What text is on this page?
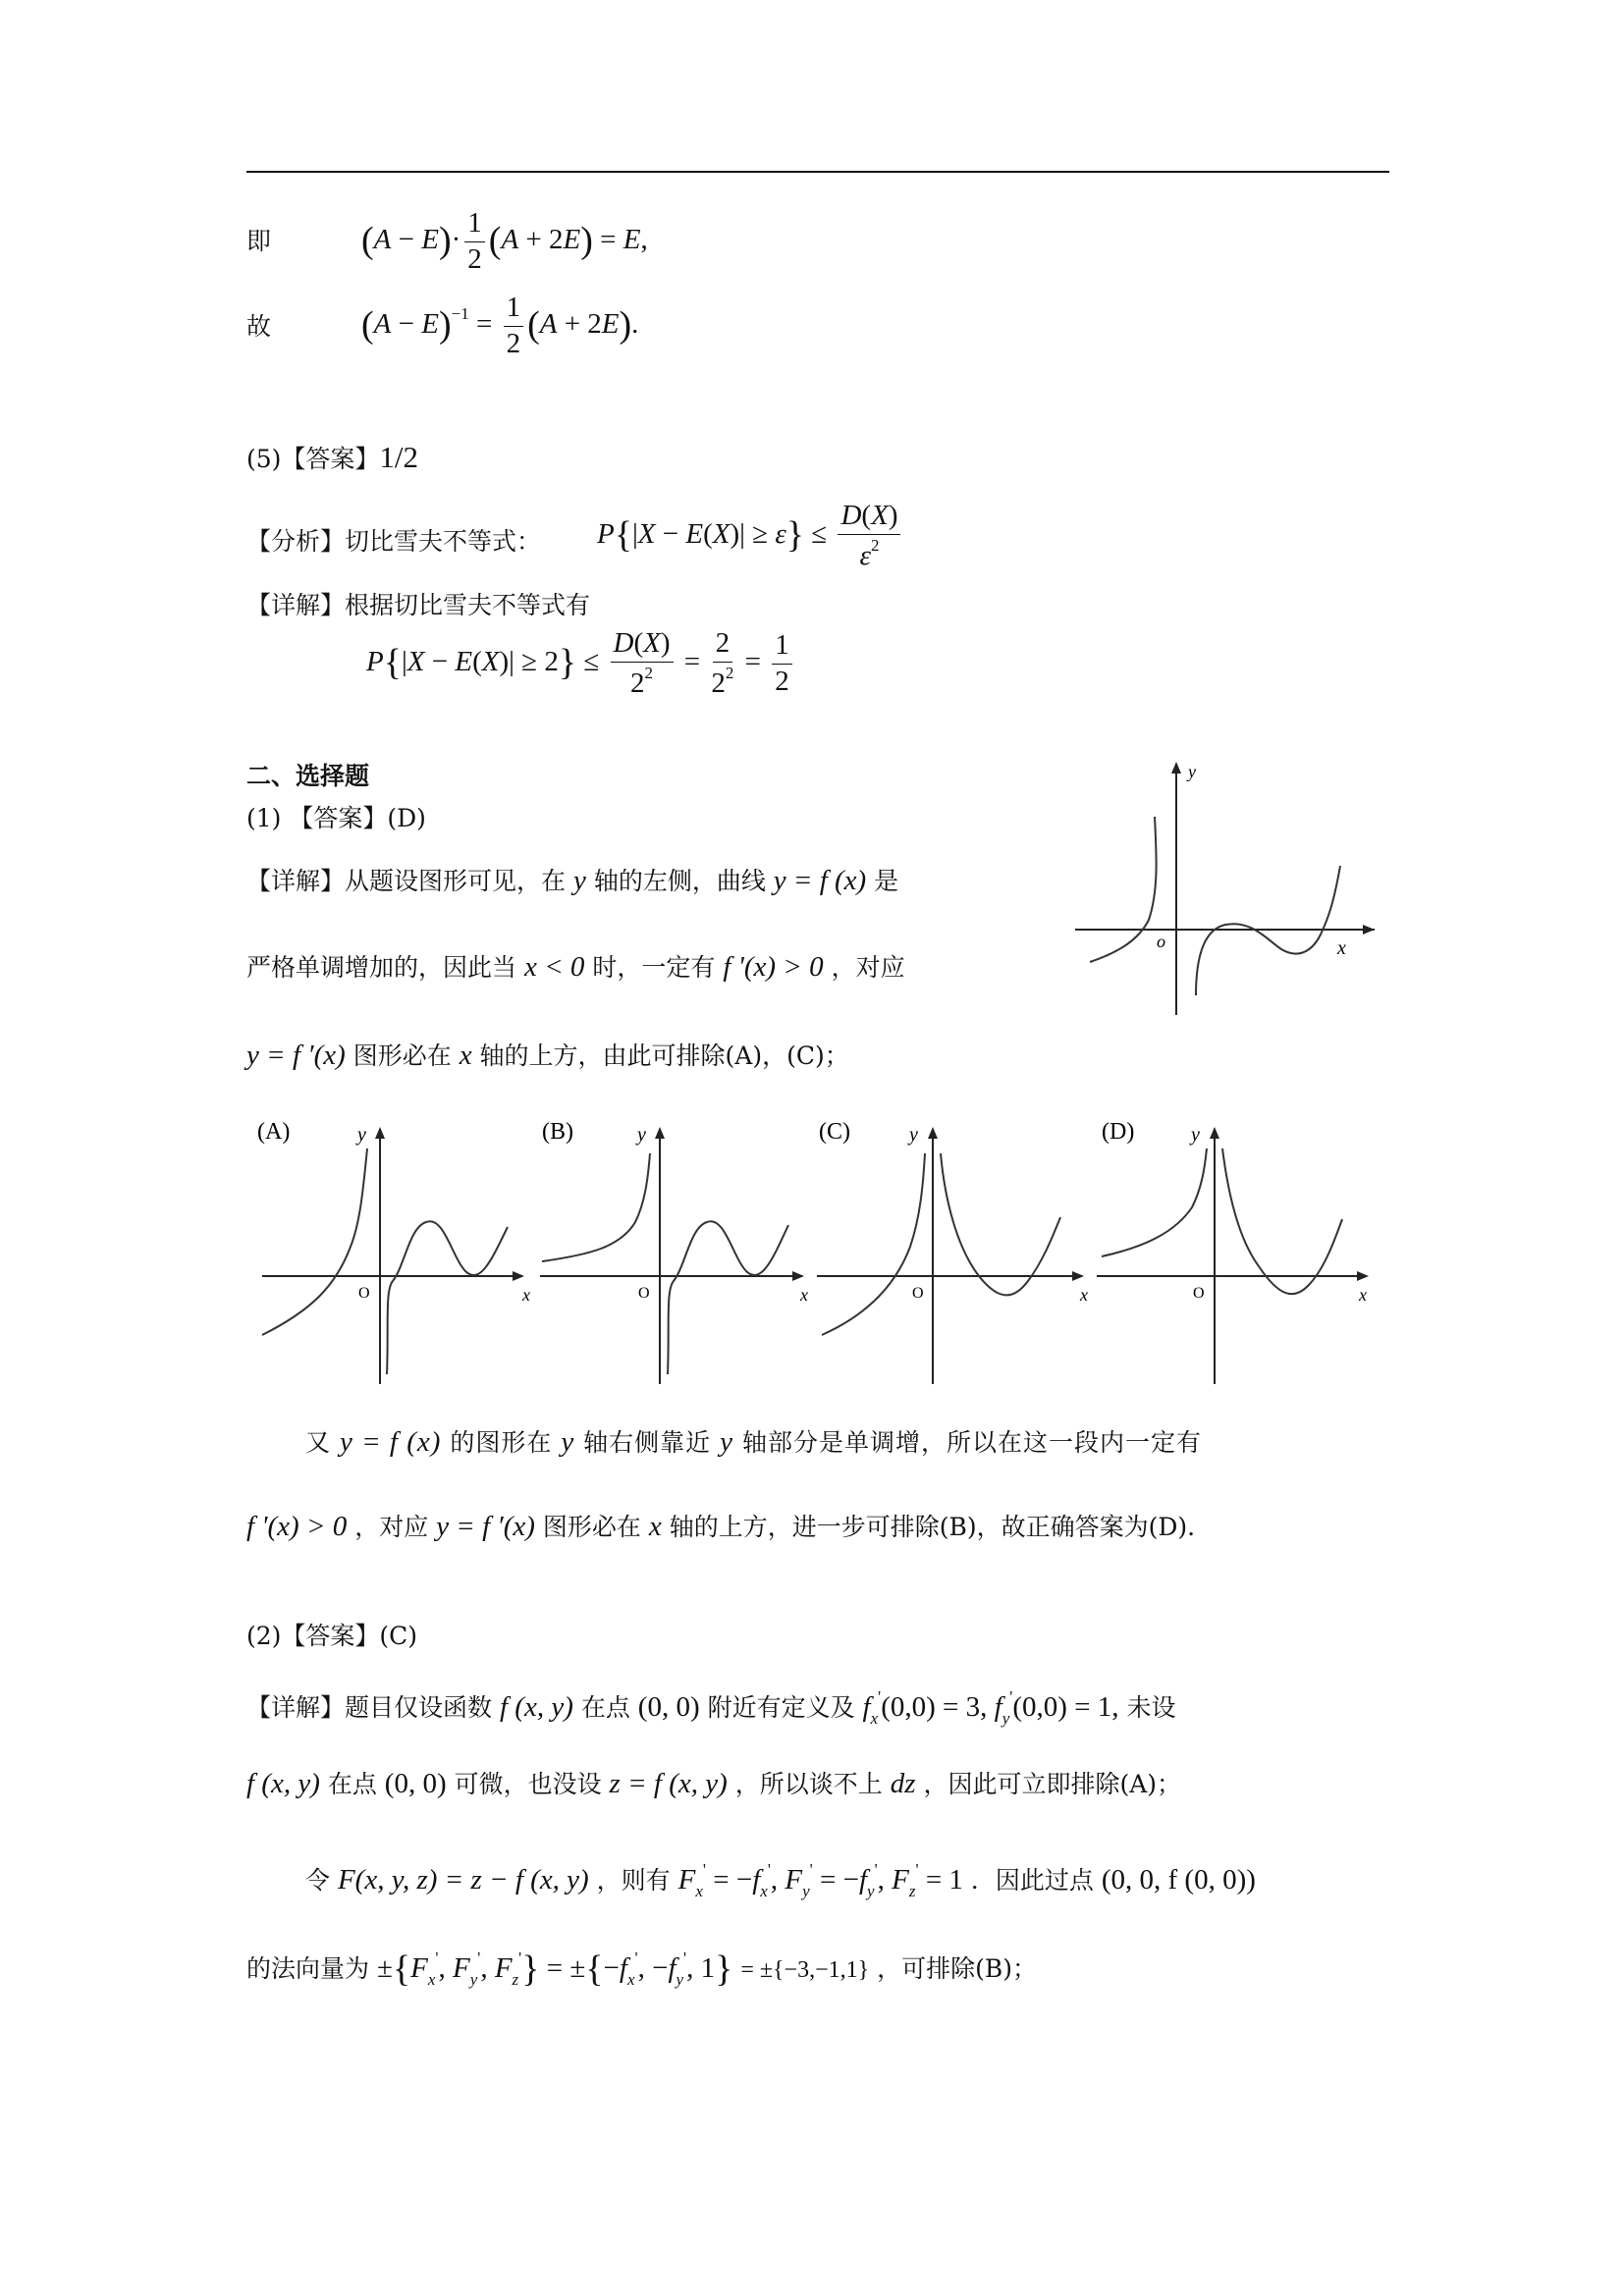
即 $(A - E)\cdot \frac{1}{2} (A + 2E) = E$,
故 $(A - E)^{-1} = \frac{1}{2} (A + 2E)$.
(5)【答案】1/2
【分析】切比雪夫不等式： $P\{|X - E(X)| \ge \varepsilon\} \le \frac{D(X)}{\varepsilon^2}$
【详解】根据切比雪夫不等式有
$P\{|X - E(X)| \ge 2\} \le \frac{D(X)}{2^2} = \frac{2}{2^2} = \frac{1}{2}$
二、选择题
(1) 【答案】(D)
【详解】从题设图形可见，在 y 轴的左侧，曲线 y = f (x) 是
严格单调增加的，因此当 x < 0 时，一定有 f '(x) > 0 ，对应
y = f ′(x) 图形必在 x 轴的上方，由此可排除(A)，(C)；
y
x
o
(A)	y
x
O
(B)	y
x
O
(C)	y
x
O
(D)	y
x
O
又 y = f (x) 的图形在 y 轴右侧靠近 y 轴部分是单调增，所以在这一段内一定有
f '(x) > 0 ，对应 y = f ′(x) 图形必在 x 轴的上方，进一步可排除(B)，故正确答案为(D).
(2)【答案】(C)
【详解】题目仅设函数 f (x, y) 在点 (0, 0) 附近有定义及 $f_x'(0,0) = 3$, $f_y'(0,0) = 1$, 未设
f (x, y) 在点 (0, 0) 可微，也没设 z = f (x, y) ，所以谈不上 dz ，因此可立即排除(A)；
令 F(x, y, z) = z − f (x, y) ，则有 $F_x' = -f_x'$, $F_y' = -f_y'$, $F_z' = 1$ ．因此过点 (0, 0, f (0, 0))
的法向量为 $\pm\{F_x'$, $F_y'$, $F_z'\} = \pm\{-f_x'$, $-f_y'$, 1} = ±{−3,−1,1} ，可排除(B)；
